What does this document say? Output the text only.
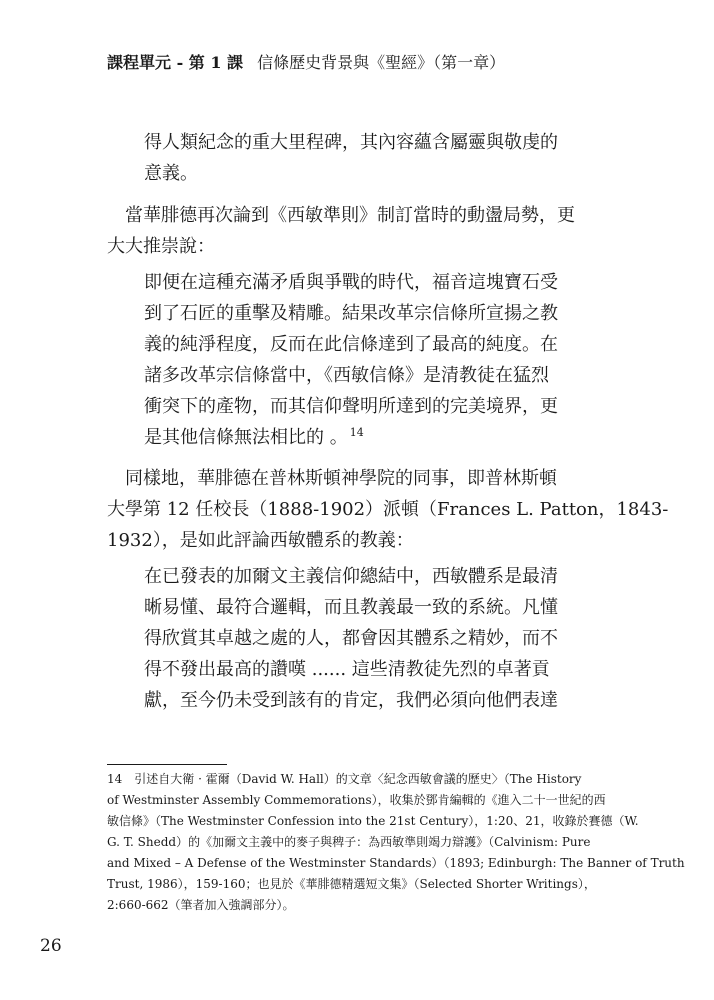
課程單元 - 第 1 課 信條歷史背景與《聖經》（第一章）
得人類紀念的重大里程碑，其內容蘊含屬靈與敬虔的
意義。
　當華腓德再次論到《西敏準則》制訂當時的動盪局勢，更
大大推崇說：
即便在這種充滿矛盾與爭戰的時代，福音這塊寶石受
到了石匠的重擊及精雕。結果改革宗信條所宣揚之教
義的純淨程度，反而在此信條達到了最高的純度。在
諸多改革宗信條當中，《西敏信條》是清教徒在猛烈
衝突下的產物，而其信仰聲明所達到的完美境界，更
是其他信條無法相比的 。 $^{14}$
　同樣地，華腓德在普林斯頓神學院的同事，即普林斯頓
大學第 12 任校長（1888-1902）派頓（Frances L. Patton，1843-
1932），是如此評論西敏體系的教義：
在已發表的加爾文主義信仰總結中，西敏體系是最清
晰易懂、最符合邏輯，而且教義最一致的系統。凡懂
得欣賞其卓越之處的人，都會因其體系之精妙，而不
得不發出最高的讚嘆 ...... 這些清教徒先烈的卓著貢
獻，至今仍未受到該有的肯定，我們必須向他們表達
14　引述自大衛 · 霍爾（David W. Hall）的文章〈紀念西敏會議的歷史〉（The History
of Westminster Assembly Commemorations），收集於鄧肯編輯的《進入二十一世紀的西
敏信條》（The Westminster Confession into the 21st Century），1:20、21，收錄於賽德（W.
G. T. Shedd）的《加爾文主義中的麥子與稗子：為西敏準則竭力辯護》（Calvinism: Pure
and Mixed – A Defense of the Westminster Standards）（1893; Edinburgh: The Banner of Truth
Trust, 1986），159-160；也見於《華腓德精選短文集》（Selected Shorter Writings），
2:660-662（筆者加入強調部分）。
26
